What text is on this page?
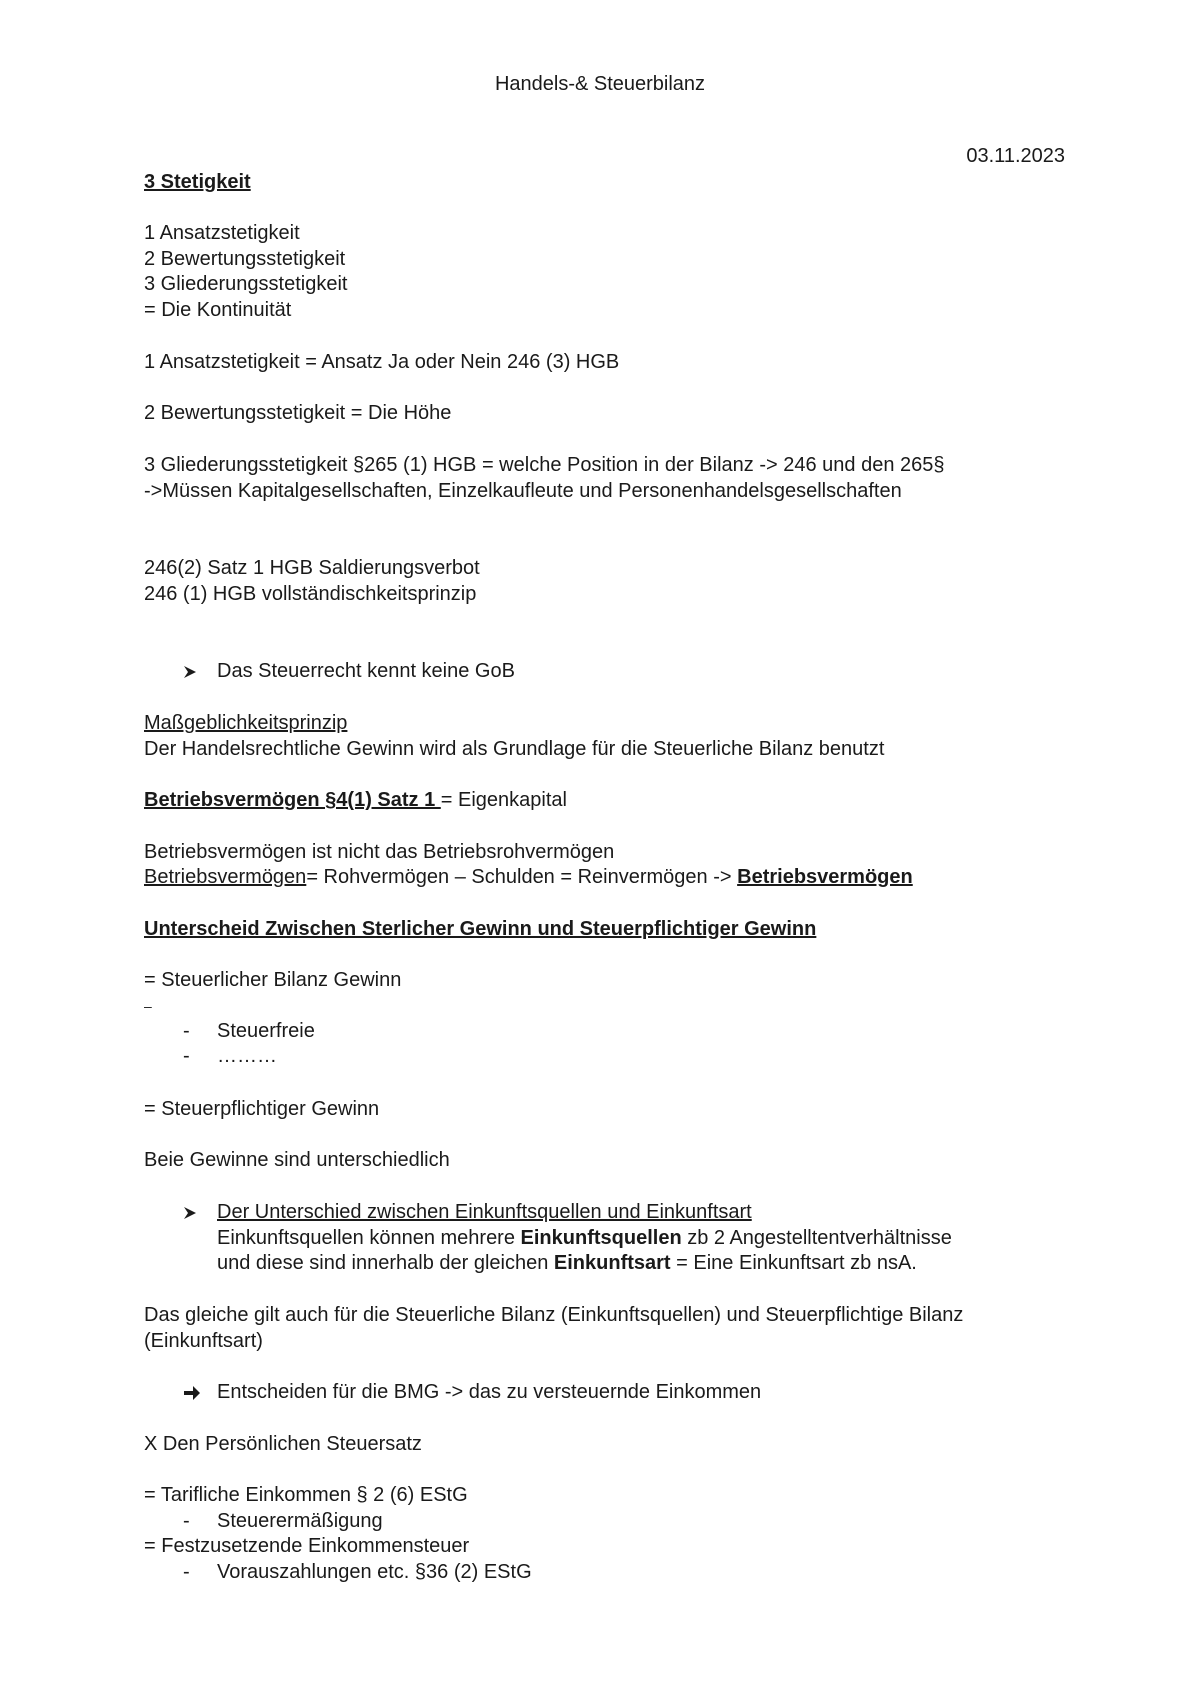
Handels-& Steuerbilanz
03.11.2023
3 Stetigkeit
1 Ansatzstetigkeit
2 Bewertungsstetigkeit
3 Gliederungsstetigkeit
= Die Kontinuität
1 Ansatzstetigkeit = Ansatz Ja oder Nein 246 (3) HGB
2 Bewertungsstetigkeit = Die Höhe
3 Gliederungsstetigkeit §265 (1) HGB = welche Position in der Bilanz -> 246 und den 265§
->Müssen Kapitalgesellschaften, Einzelkaufleute und Personenhandelsgesellschaften
246(2) Satz 1 HGB Saldierungsverbot
246 (1) HGB vollständischkeitsprinzip
Das Steuerrecht kennt keine GoB
Maßgeblichkeitsprinzip
Der Handelsrechtliche Gewinn wird als Grundlage für die Steuerliche Bilanz benutzt
Betriebsvermögen §4(1) Satz 1 = Eigenkapital
Betriebsvermögen ist nicht das Betriebsrohvermögen
Betriebsvermögen= Rohvermögen – Schulden = Reinvermögen -> Betriebsvermögen
Unterscheid Zwischen Sterlicher Gewinn und Steuerpflichtiger Gewinn
= Steuerlicher Bilanz Gewinn
–
- Steuerfreie
- ………
= Steuerpflichtiger Gewinn
Beie Gewinne sind unterschiedlich
Der Unterschied zwischen Einkunftsquellen und Einkunftsart
Einkunftsquellen können mehrere Einkunftsquellen zb 2 Angestelltentverhältnisse
und diese sind innerhalb der gleichen Einkunftsart = Eine Einkunftsart zb nsA.
Das gleiche gilt auch für die Steuerliche Bilanz (Einkunftsquellen) und Steuerpflichtige Bilanz
(Einkunftsart)
Entscheiden für die BMG -> das zu versteuernde Einkommen
X Den Persönlichen Steuersatz
= Tarifliche Einkommen § 2 (6) EStG
- Steuerermäßigung
= Festzusetzende Einkommensteuer
- Vorauszahlungen etc. §36 (2) EStG
